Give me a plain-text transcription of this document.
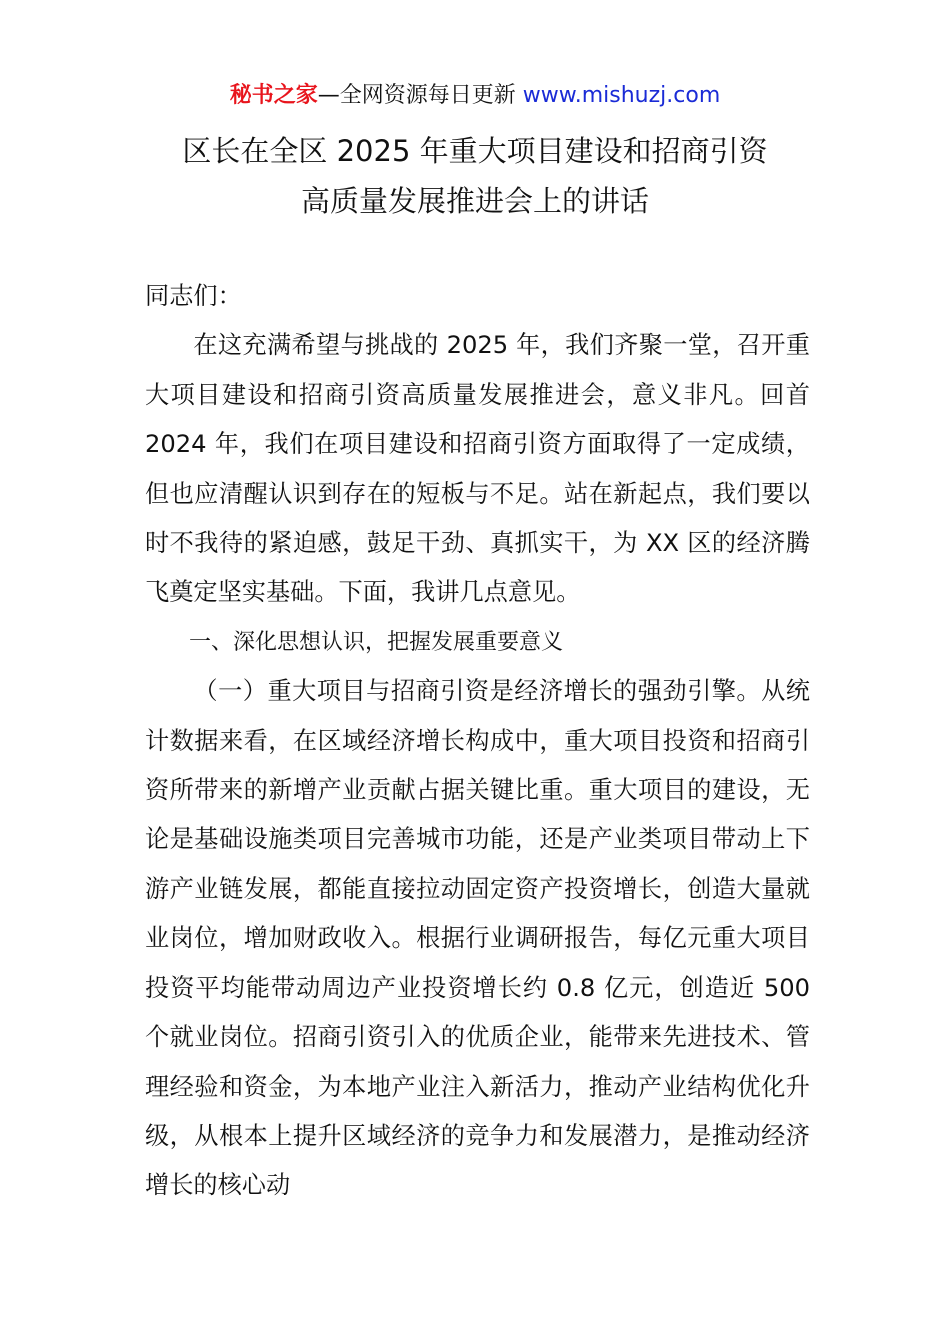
秘书之家—全网资源每日更新 www.mishuzj.com
区长在全区 2025 年重大项目建设和招商引资
高质量发展推进会上的讲话

同志们：

在这充满希望与挑战的 2025 年，我们齐聚一堂，召开重大项目建设和招商引资高质量发展推进会，意义非凡。回首 2024 年，我们在项目建设和招商引资方面取得了一定成绩，但也应清醒认识到存在的短板与不足。站在新起点，我们要以时不我待的紧迫感，鼓足干劲、真抓实干，为 XX 区的经济腾飞奠定坚实基础。下面，我讲几点意见。

一、深化思想认识，把握发展重要意义

（一）重大项目与招商引资是经济增长的强劲引擎。从统计数据来看，在区域经济增长构成中，重大项目投资和招商引资所带来的新增产业贡献占据关键比重。重大项目的建设，无论是基础设施类项目完善城市功能，还是产业类项目带动上下游产业链发展，都能直接拉动固定资产投资增长，创造大量就业岗位，增加财政收入。根据行业调研报告，每亿元重大项目投资平均能带动周边产业投资增长约 0.8 亿元，创造近 500 个就业岗位。招商引资引入的优质企业，能带来先进技术、管理经验和资金，为本地产业注入新活力，推动产业结构优化升级，从根本上提升区域经济的竞争力和发展潜力，是推动经济增长的核心动
